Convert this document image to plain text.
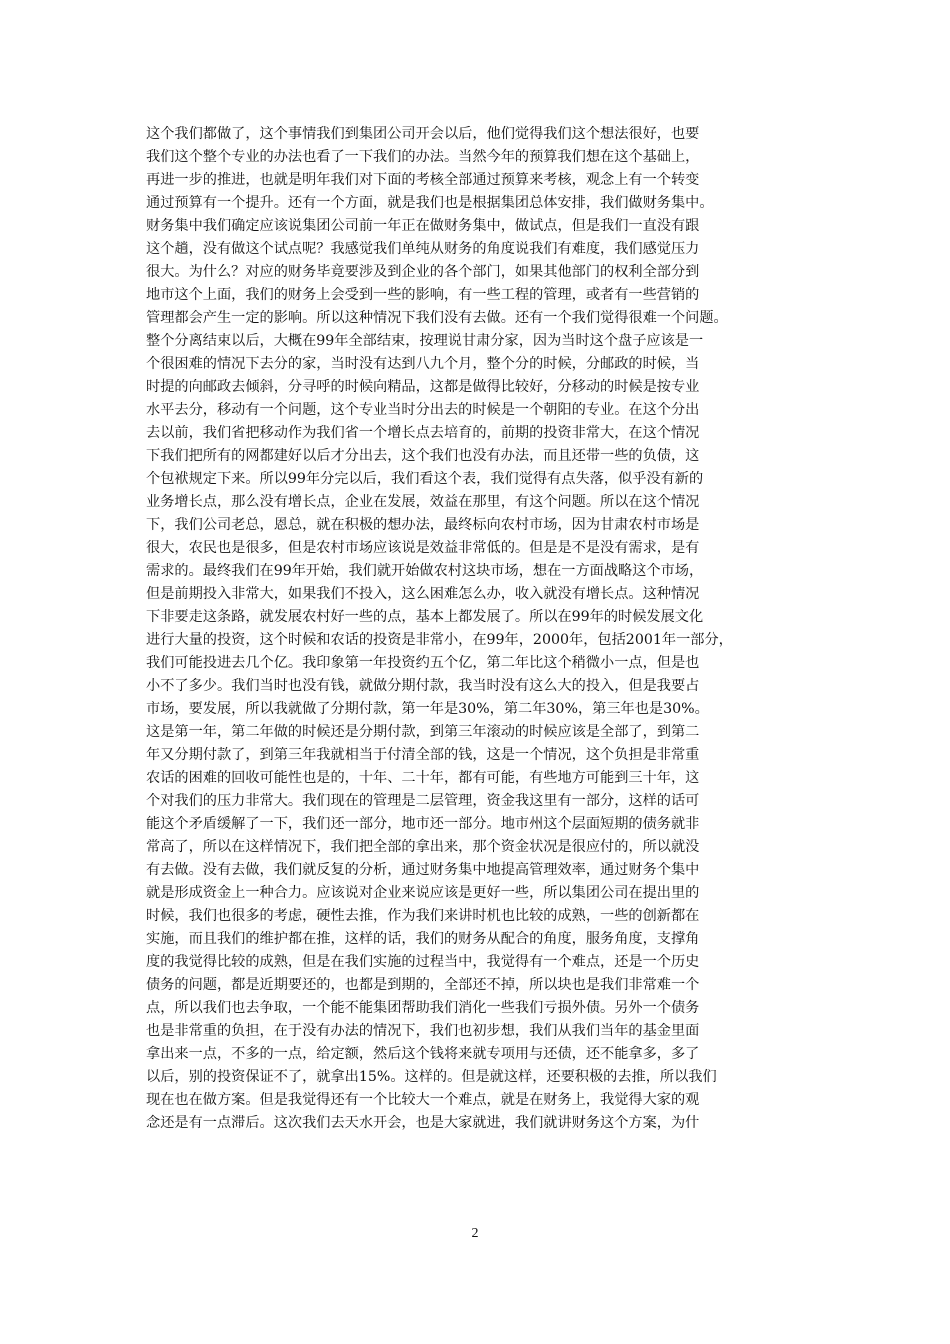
这个我们都做了，这个事情我们到集团公司开会以后，他们觉得我们这个想法很好，也要
我们这个整个专业的办法也看了一下我们的办法。当然今年的预算我们想在这个基础上，
再进一步的推进，也就是明年我们对下面的考核全部通过预算来考核，观念上有一个转变
通过预算有一个提升。还有一个方面，就是我们也是根据集团总体安排，我们做财务集中。
财务集中我们确定应该说集团公司前一年正在做财务集中，做试点，但是我们一直没有跟
这个趟，没有做这个试点呢？我感觉我们单纯从财务的角度说我们有难度，我们感觉压力
很大。为什么？对应的财务毕竟要涉及到企业的各个部门，如果其他部门的权利全部分到
地市这个上面，我们的财务上会受到一些的影响，有一些工程的管理，或者有一些营销的
管理都会产生一定的影响。所以这种情况下我们没有去做。还有一个我们觉得很难一个问题。
整个分离结束以后，大概在99年全部结束，按理说甘肃分家，因为当时这个盘子应该是一
个很困难的情况下去分的家，当时没有达到八九个月，整个分的时候，分邮政的时候，当
时提的向邮政去倾斜，分寻呼的时候向精品，这都是做得比较好，分移动的时候是按专业
水平去分，移动有一个问题，这个专业当时分出去的时候是一个朝阳的专业。在这个分出
去以前，我们省把移动作为我们省一个增长点去培育的，前期的投资非常大，在这个情况
下我们把所有的网都建好以后才分出去，这个我们也没有办法，而且还带一些的负债，这
个包袱规定下来。所以99年分完以后，我们看这个表，我们觉得有点失落，似乎没有新的
业务增长点，那么没有增长点，企业在发展，效益在那里，有这个问题。所以在这个情况
下，我们公司老总，恩总，就在积极的想办法，最终标向农村市场，因为甘肃农村市场是
很大，农民也是很多，但是农村市场应该说是效益非常低的。但是是不是没有需求，是有
需求的。最终我们在99年开始，我们就开始做农村这块市场，想在一方面战略这个市场，
但是前期投入非常大，如果我们不投入，这么困难怎么办，收入就没有增长点。这种情况
下非要走这条路，就发展农村好一些的点，基本上都发展了。所以在99年的时候发展文化
进行大量的投资，这个时候和农话的投资是非常小，在99年，2000年，包括2001年一部分，
我们可能投进去几个亿。我印象第一年投资约五个亿，第二年比这个稍微小一点，但是也
小不了多少。我们当时也没有钱，就做分期付款，我当时没有这么大的投入，但是我要占
市场，要发展，所以我就做了分期付款，第一年是30%，第二年30%，第三年也是30%。
这是第一年，第二年做的时候还是分期付款，到第三年滚动的时候应该是全部了，到第二
年又分期付款了，到第三年我就相当于付清全部的钱，这是一个情况，这个负担是非常重
农话的困难的回收可能性也是的，十年、二十年，都有可能，有些地方可能到三十年，这
个对我们的压力非常大。我们现在的管理是二层管理，资金我这里有一部分，这样的话可
能这个矛盾缓解了一下，我们还一部分，地市还一部分。地市州这个层面短期的债务就非
常高了，所以在这样情况下，我们把全部的拿出来，那个资金状况是很应付的，所以就没
有去做。没有去做，我们就反复的分析，通过财务集中地提高管理效率，通过财务个集中
就是形成资金上一种合力。应该说对企业来说应该是更好一些，所以集团公司在提出里的
时候，我们也很多的考虑，硬性去推，作为我们来讲时机也比较的成熟，一些的创新都在
实施，而且我们的维护都在推，这样的话，我们的财务从配合的角度，服务角度，支撑角
度的我觉得比较的成熟，但是在我们实施的过程当中，我觉得有一个难点，还是一个历史
债务的问题，都是近期要还的，也都是到期的，全部还不掉，所以块也是我们非常难一个
点，所以我们也去争取，一个能不能集团帮助我们消化一些我们亏损外债。另外一个债务
也是非常重的负担，在于没有办法的情况下，我们也初步想，我们从我们当年的基金里面
拿出来一点，不多的一点，给定额，然后这个钱将来就专项用与还债，还不能拿多，多了
以后，别的投资保证不了，就拿出15%。这样的。但是就这样，还要积极的去推，所以我们
现在也在做方案。但是我觉得还有一个比较大一个难点，就是在财务上，我觉得大家的观
念还是有一点滞后。这次我们去天水开会，也是大家就进，我们就讲财务这个方案，为什
2
